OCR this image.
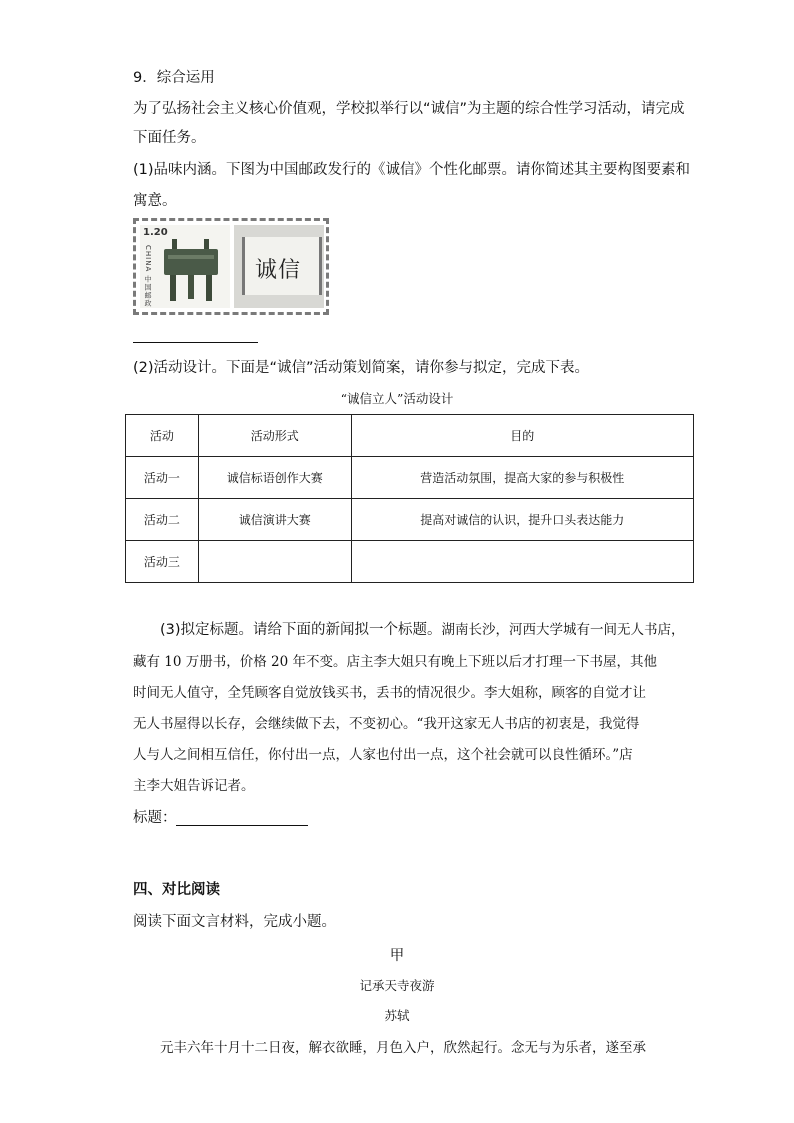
9．综合运用
为了弘扬社会主义核心价值观，学校拟举行以“诚信”为主题的综合性学习活动，请完成
下面任务。
(1)品味内涵。下图为中国邮政发行的《诚信》个性化邮票。请你简述其主要构图要素和
寓意。
1.20
CHINA 中国邮政	诚信
(2)活动设计。下面是“诚信”活动策划简案，请你参与拟定，完成下表。
“诚信立人”活动设计
活动	活动形式	目的
活动一	诚信标语创作大赛	营造活动氛围，提高大家的参与积极性
活动二	诚信演讲大赛	提高对诚信的认识，提升口头表达能力
活动三		
(3)拟定标题。请给下面的新闻拟一个标题。湖南长沙，河西大学城有一间无人书店，
藏有 10 万册书，价格 20 年不变。店主李大姐只有晚上下班以后才打理一下书屋，其他
时间无人值守，全凭顾客自觉放钱买书，丢书的情况很少。李大姐称，顾客的自觉才让
无人书屋得以长存，会继续做下去，不变初心。“我开这家无人书店的初衷是，我觉得
人与人之间相互信任，你付出一点，人家也付出一点，这个社会就可以良性循环。”店
主李大姐告诉记者。
标题：
四、对比阅读
阅读下面文言材料，完成小题。
甲
记承天寺夜游
苏轼
元丰六年十月十二日夜，解衣欲睡，月色入户，欣然起行。念无与为乐者，遂至承
